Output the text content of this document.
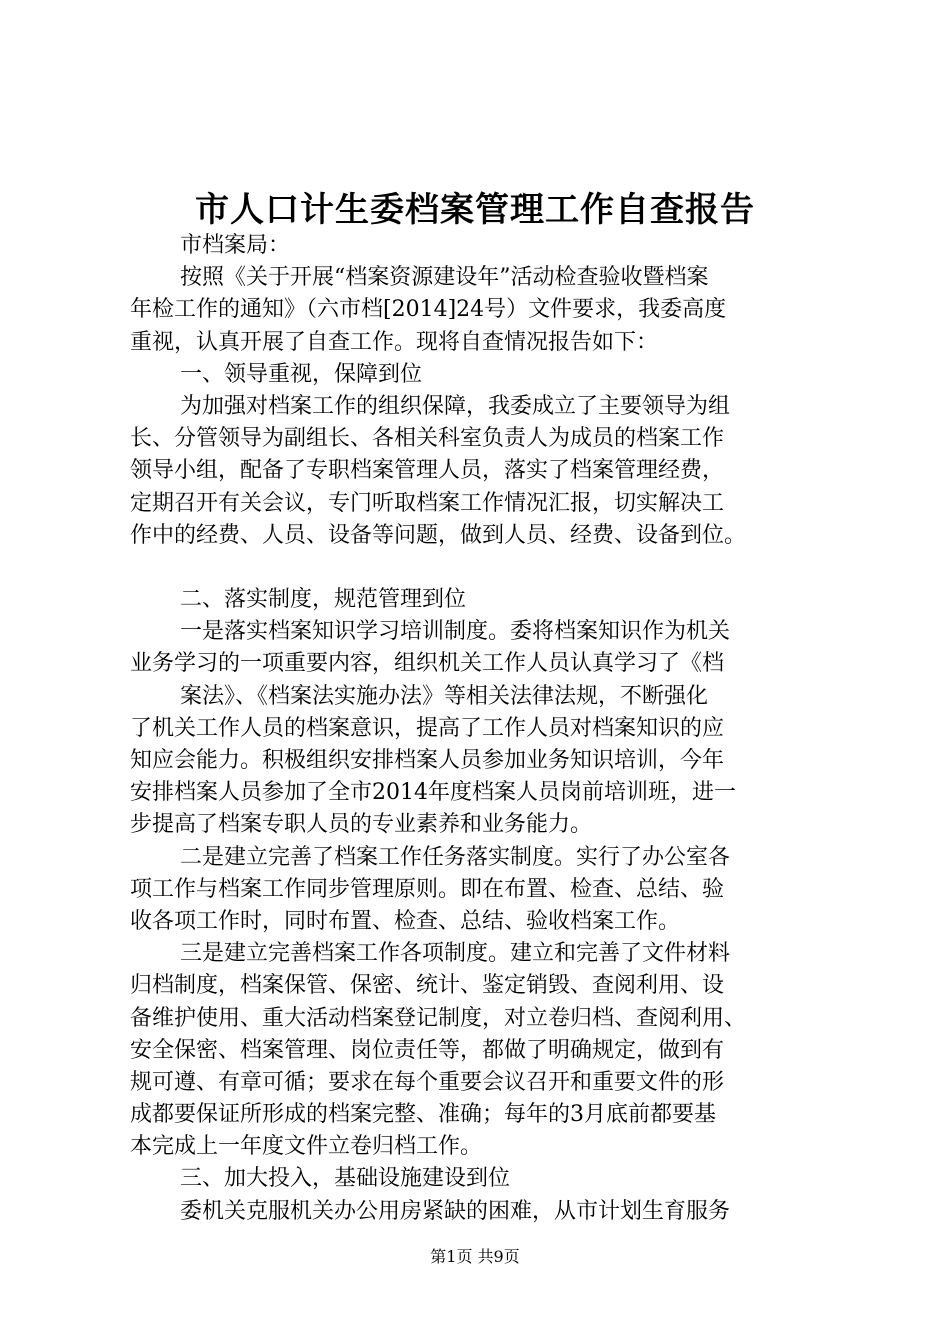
市人口计生委档案管理工作自查报告
市档案局：
按照《关于开展“档案资源建设年”活动检查验收暨档案
年检工作的通知》（六市档[2014]24号）文件要求，我委高度
重视，认真开展了自查工作。现将自查情况报告如下：
一、领导重视，保障到位
为加强对档案工作的组织保障，我委成立了主要领导为组
长、分管领导为副组长、各相关科室负责人为成员的档案工作
领导小组，配备了专职档案管理人员，落实了档案管理经费，
定期召开有关会议，专门听取档案工作情况汇报，切实解决工
作中的经费、人员、设备等问题，做到人员、经费、设备到位。
二、落实制度，规范管理到位
一是落实档案知识学习培训制度。委将档案知识作为机关
业务学习的一项重要内容，组织机关工作人员认真学习了《档
案法》、《档案法实施办法》等相关法律法规，不断强化
了机关工作人员的档案意识，提高了工作人员对档案知识的应
知应会能力。积极组织安排档案人员参加业务知识培训，今年
安排档案人员参加了全市2014年度档案人员岗前培训班，进一
步提高了档案专职人员的专业素养和业务能力。
二是建立完善了档案工作任务落实制度。实行了办公室各
项工作与档案工作同步管理原则。即在布置、检查、总结、验
收各项工作时，同时布置、检查、总结、验收档案工作。
三是建立完善档案工作各项制度。建立和完善了文件材料
归档制度，档案保管、保密、统计、鉴定销毁、查阅利用、设
备维护使用、重大活动档案登记制度，对立卷归档、查阅利用、
安全保密、档案管理、岗位责任等，都做了明确规定，做到有
规可遵、有章可循；要求在每个重要会议召开和重要文件的形
成都要保证所形成的档案完整、准确；每年的3月底前都要基
本完成上一年度文件立卷归档工作。
三、加大投入，基础设施建设到位
委机关克服机关办公用房紧缺的困难，从市计划生育服务
第1页 共9页
